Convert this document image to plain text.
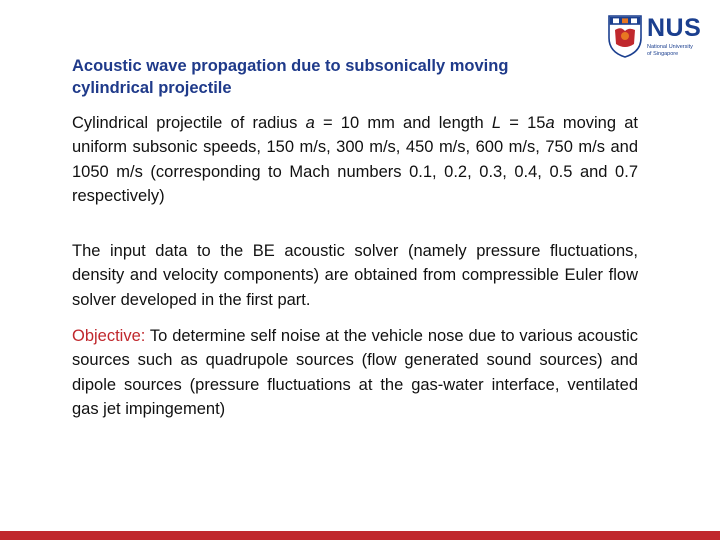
NUS
National University
of Singapore
Acoustic wave propagation due to subsonically moving
cylindrical projectile

Cylindrical projectile of radius a = 10 mm and length L = 15a moving at uniform subsonic speeds, 150 m/s, 300 m/s, 450 m/s, 600 m/s, 750 m/s and 1050 m/s (corresponding to Mach numbers 0.1, 0.2, 0.3, 0.4, 0.5 and 0.7 respectively)

The input data to the BE acoustic solver (namely pressure fluctuations, density and velocity components) are obtained from compressible Euler flow solver developed in the first part.

Objective: To determine self noise at the vehicle nose due to various acoustic sources such as quadrupole sources (flow generated sound sources) and dipole sources (pressure fluctuations at the gas-water interface, ventilated gas jet impingement)
